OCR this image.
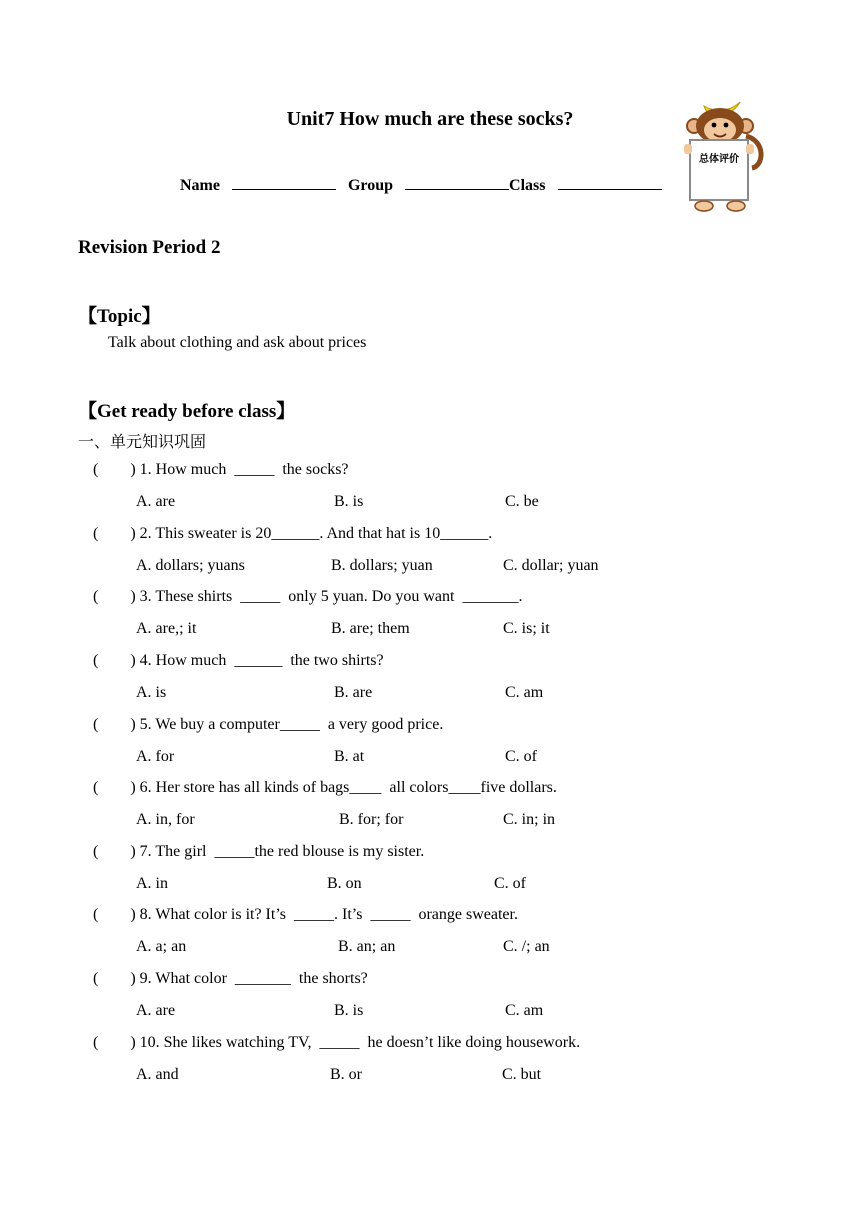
Unit7 How much are these socks?
Name	Group	Class
总体评价
Revision Period 2
【Topic】
Talk about clothing and ask about prices
【Get ready before class】
一、单元知识巩固
(        ) 1. How much  _____  the socks?
A. are	B. is	C. be
(        ) 2. This sweater is 20______. And that hat is 10______.
A. dollars; yuans	B. dollars; yuan	C. dollar; yuan
(        ) 3. These shirts  _____  only 5 yuan. Do you want  _______.
A. are,; it	B. are; them	C. is; it
(        ) 4. How much  ______  the two shirts?
A. is	B. are	C. am
(        ) 5. We buy a computer_____  a very good price.
A. for	B. at	C. of
(        ) 6. Her store has all kinds of bags____  all colors____five dollars.
A. in, for	B. for; for	C. in; in
(        ) 7. The girl  _____the red blouse is my sister.
A. in	B. on	C. of
(        ) 8. What color is it? It’s  _____. It’s  _____  orange sweater.
A. a; an	B. an; an	C. /; an
(        ) 9. What color  _______  the shorts?
A. are	B. is	C. am
(        ) 10. She likes watching TV,  _____  he doesn’t like doing housework.
A. and	B. or	C. but
